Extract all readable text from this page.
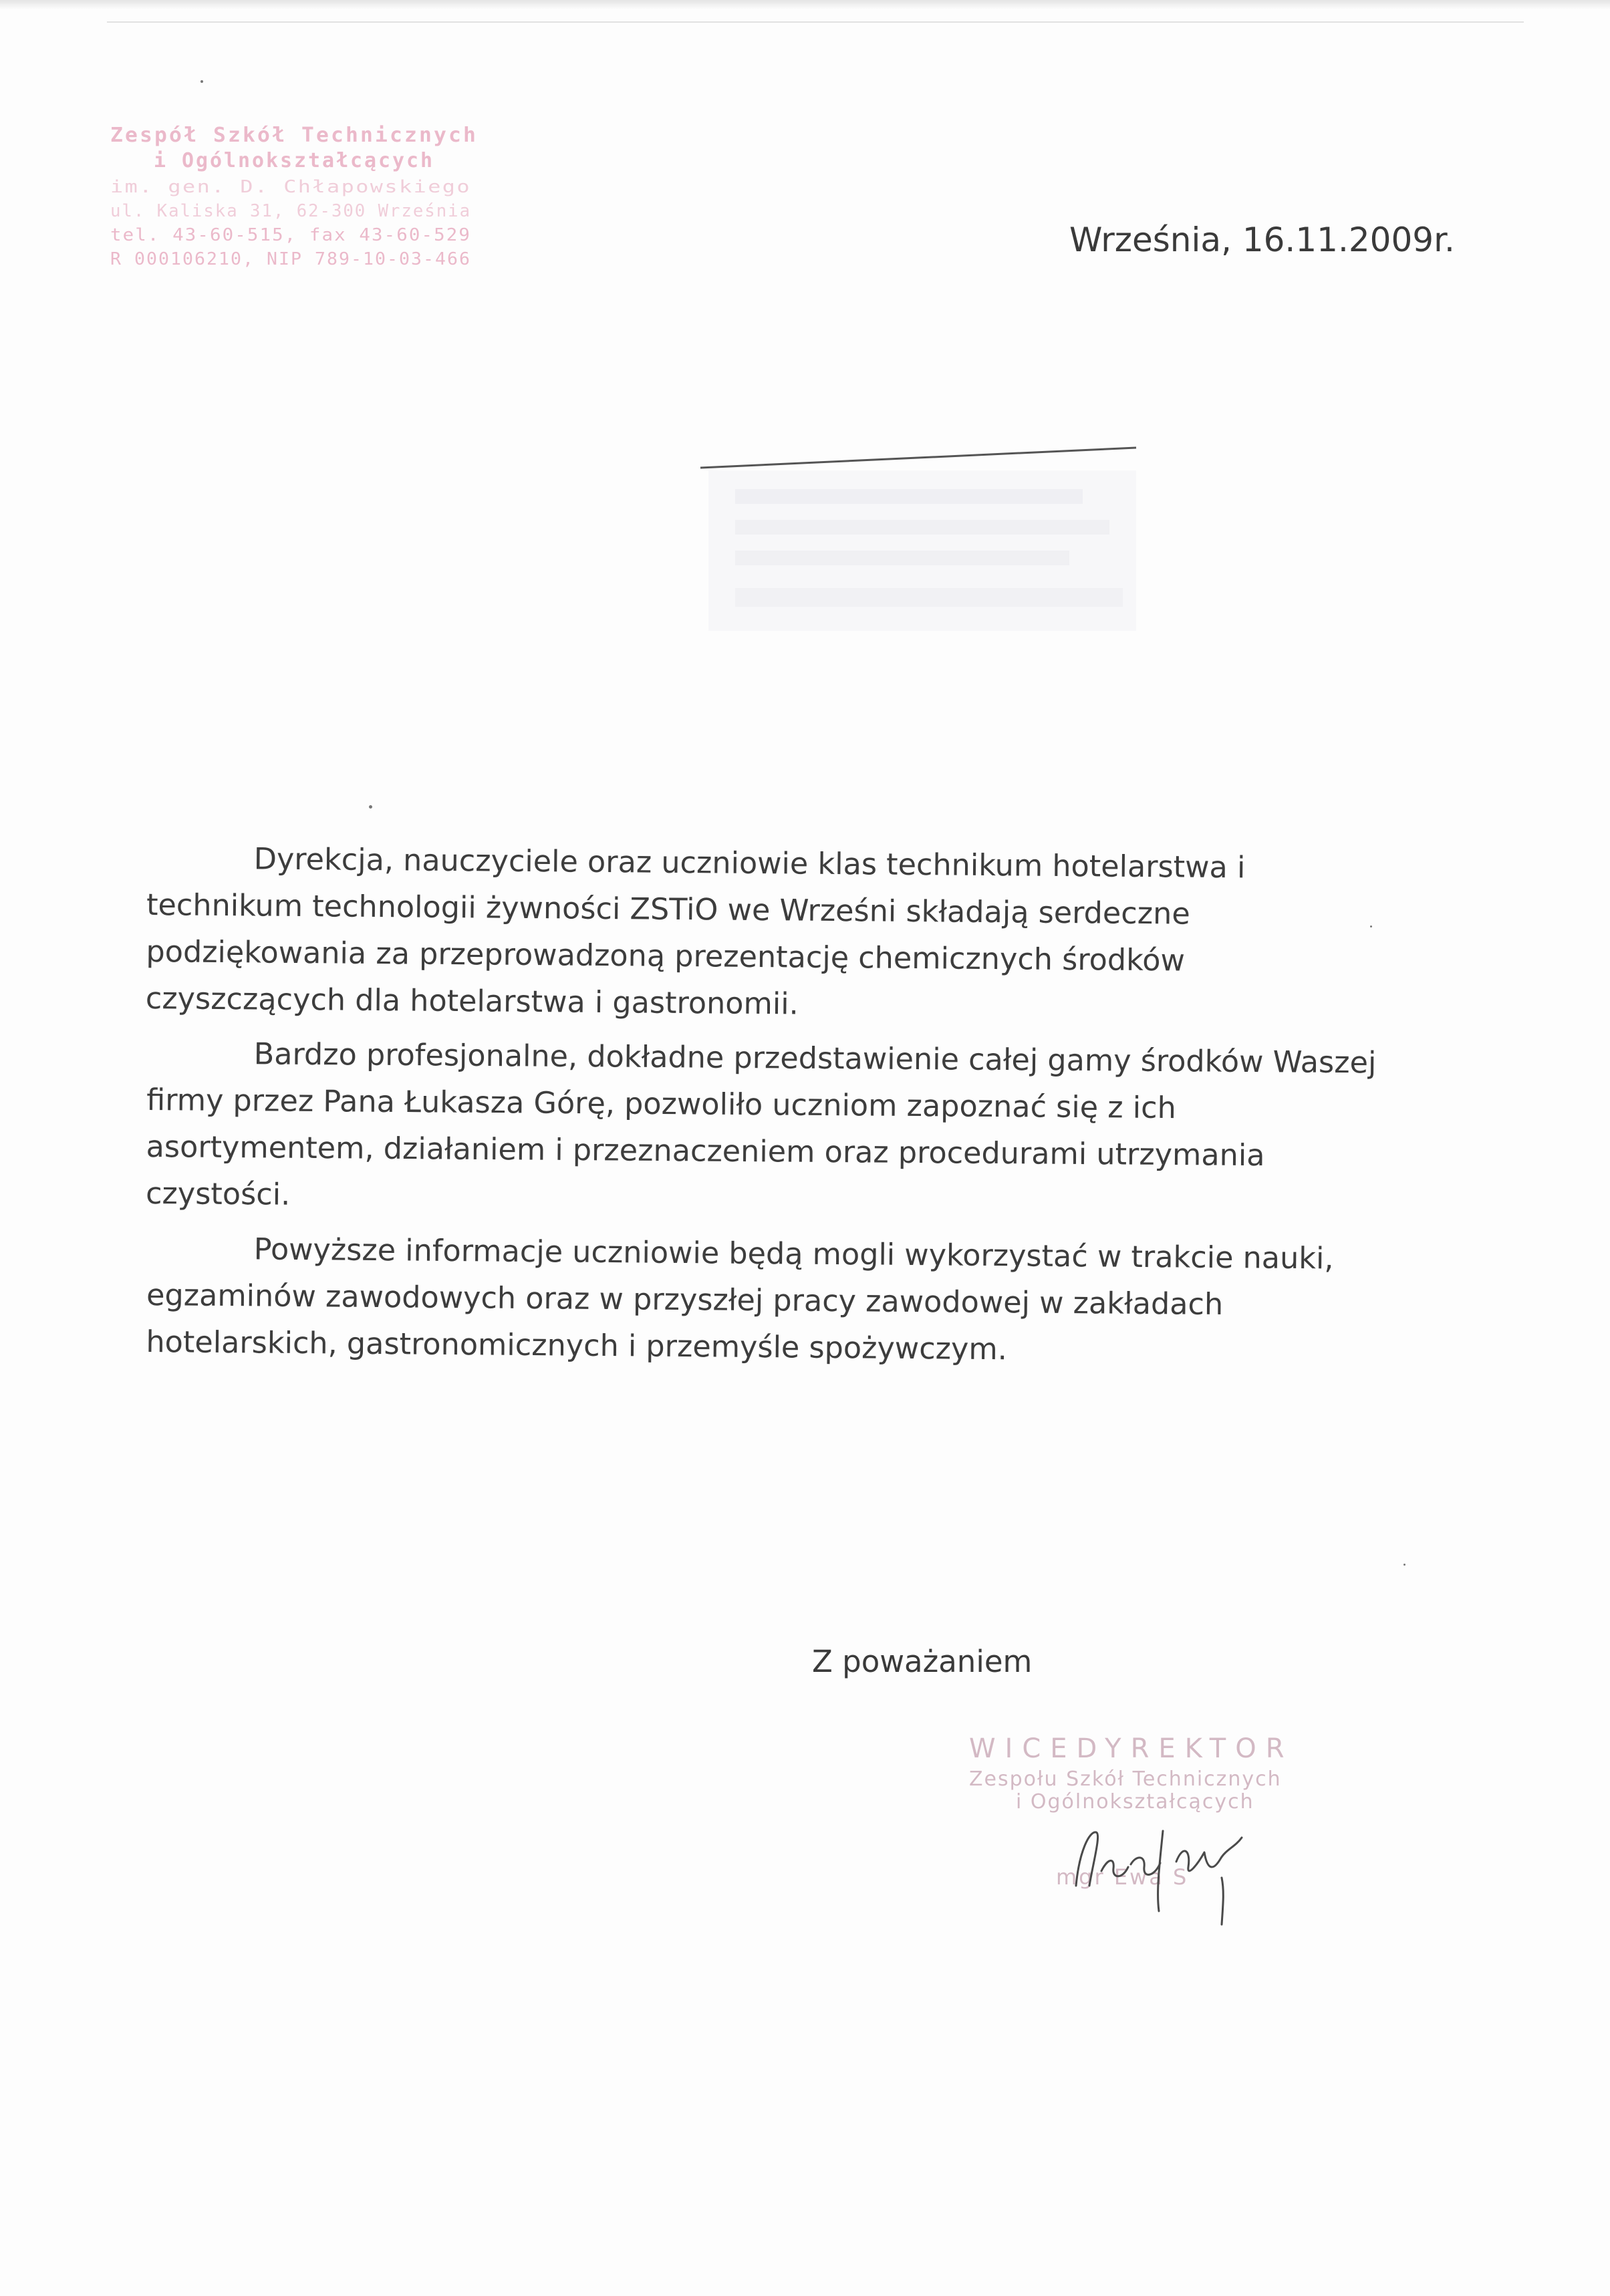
Zespół Szkół Technicznych
i Ogólnokształcących
im. gen. D. Chłapowskiego
ul. Kaliska 31, 62-300 Września
tel. 43-60-515, fax 43-60-529
R 000106210, NIP 789-10-03-466	Września, 16.11.2009r.

Dyrekcja, nauczyciele oraz uczniowie klas technikum hotelarstwa i technikum technologii żywności ZSTiO we Wrześni składają serdeczne podziękowania za przeprowadzoną prezentację chemicznych środków czyszczących dla hotelarstwa i gastronomii.

Bardzo profesjonalne, dokładne przedstawienie całej gamy środków Waszej firmy przez Pana Łukasza Górę, pozwoliło uczniom zapoznać się z ich asortymentem, działaniem i przeznaczeniem oraz procedurami utrzymania czystości.

Powyższe informacje uczniowie będą mogli wykorzystać w trakcie nauki, egzaminów zawodowych oraz w przyszłej pracy zawodowej w zakładach hotelarskich, gastronomicznych i przemyśle spożywczym.

Z poważaniem
WICEDYREKTOR
Zespołu Szkół Technicznych
i Ogólnokształcących
mgr Ewa S
